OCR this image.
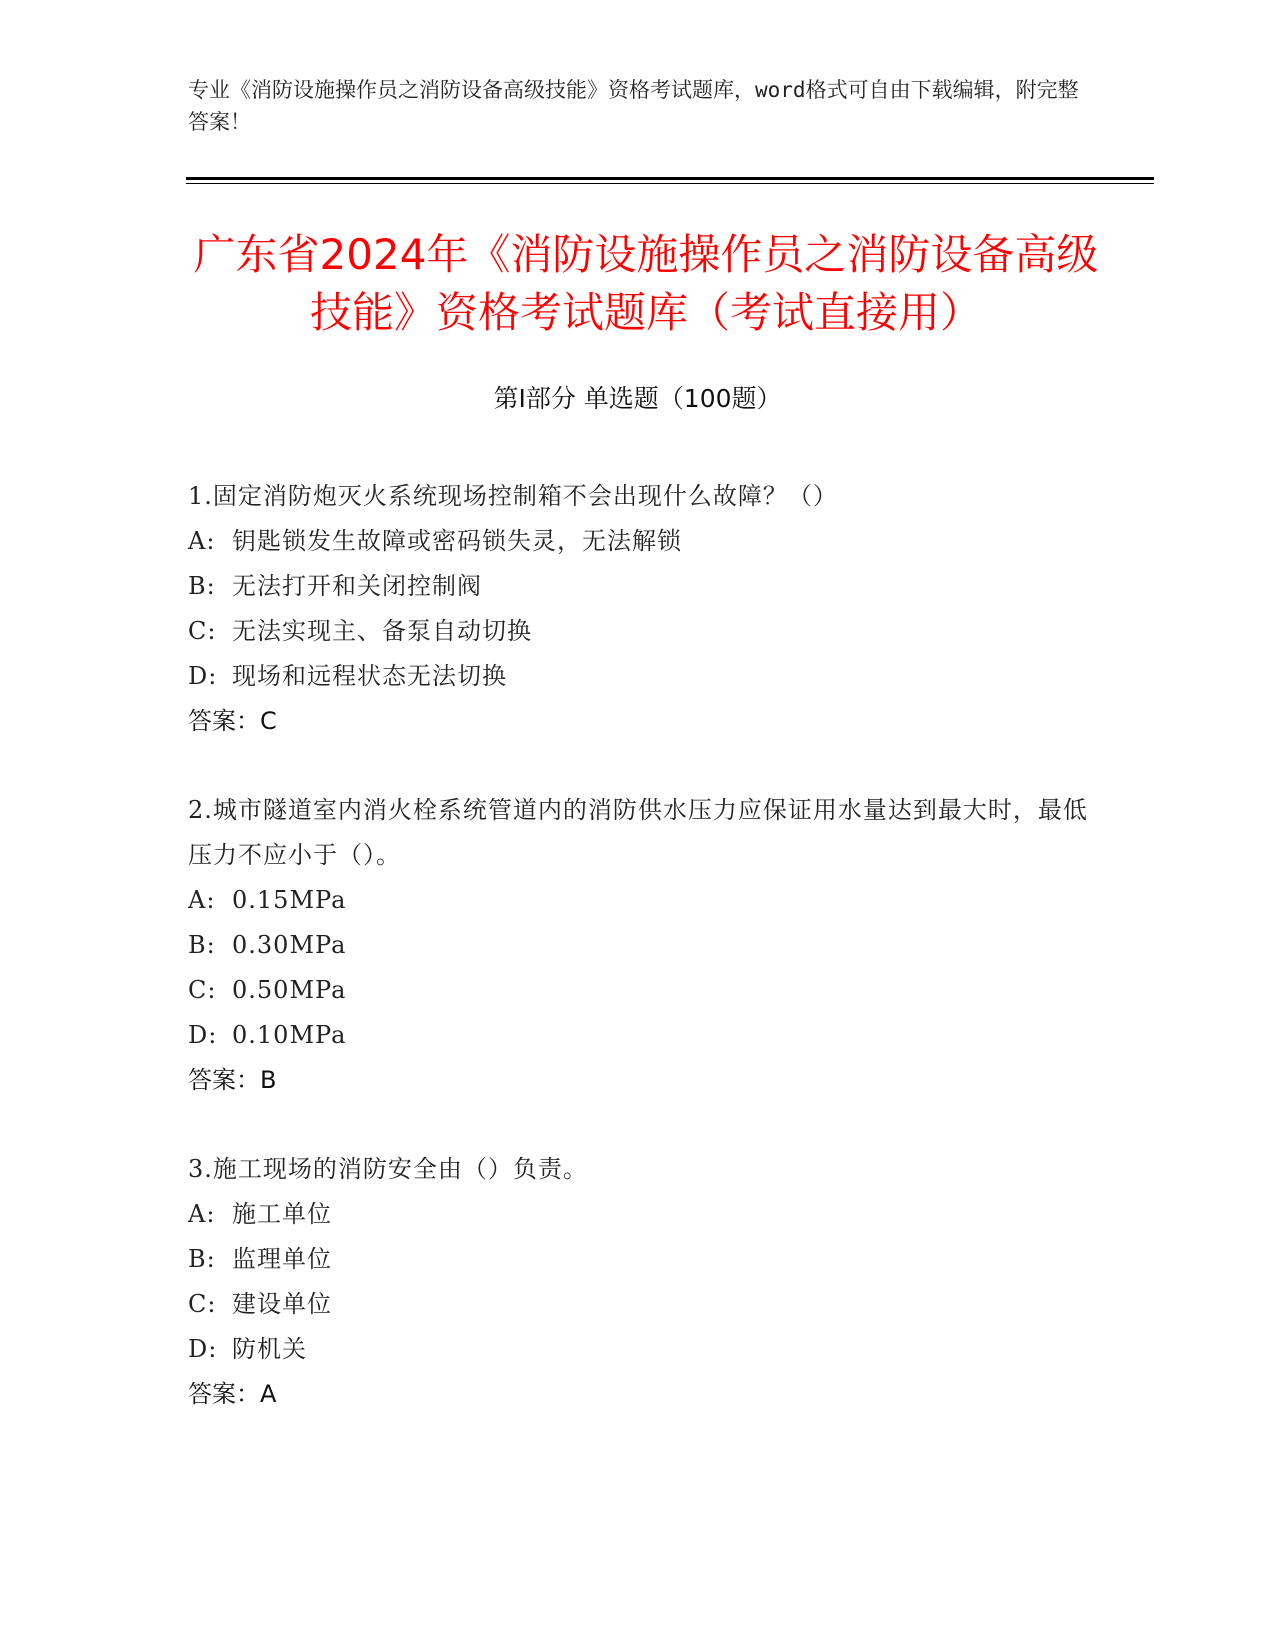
专业《消防设施操作员之消防设备高级技能》资格考试题库，word格式可自由下载编辑，附完整答案！
广东省2024年《消防设施操作员之消防设备高级技能》资格考试题库（考试直接用）
第Ⅰ部分 单选题（100题）
1.固定消防炮灭火系统现场控制箱不会出现什么故障？（）
A: 钥匙锁发生故障或密码锁失灵，无法解锁
B: 无法打开和关闭控制阀
C: 无法实现主、备泵自动切换
D: 现场和远程状态无法切换
答案：C
2.城市隧道室内消火栓系统管道内的消防供水压力应保证用水量达到最大时，最低压力不应小于（）。
A: 0.15MPa
B: 0.30MPa
C: 0.50MPa
D: 0.10MPa
答案：B
3.施工现场的消防安全由（）负责。
A: 施工单位
B: 监理单位
C: 建设单位
D: 防机关
答案：A
